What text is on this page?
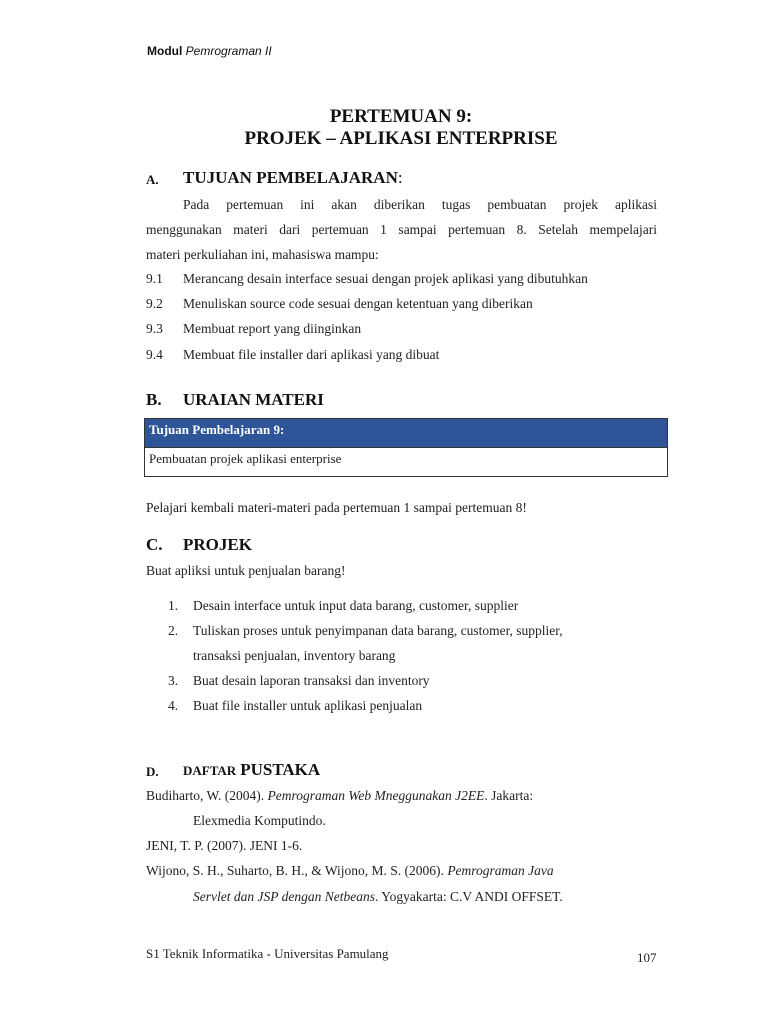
Modul Pemrograman II
PERTEMUAN 9:
PROJEK – APLIKASI ENTERPRISE
A. TUJUAN PEMBELAJARAN:
Pada pertemuan ini akan diberikan tugas pembuatan projek aplikasi
menggunakan materi dari pertemuan 1 sampai pertemuan 8. Setelah mempelajari
materi perkuliahan ini, mahasiswa mampu:
9.1 Merancang desain interface sesuai dengan projek aplikasi yang dibutuhkan
9.2 Menuliskan source code sesuai dengan ketentuan yang diberikan
9.3 Membuat report yang diinginkan
9.4 Membuat file installer dari aplikasi yang dibuat
B. URAIAN MATERI
Tujuan Pembelajaran 9:
Pembuatan projek aplikasi enterprise
Pelajari kembali materi-materi pada pertemuan 1 sampai pertemuan 8!
C. PROJEK
Buat apliksi untuk penjualan barang!
1. Desain interface untuk input data barang, customer, supplier
2. Tuliskan proses untuk penyimpanan data barang, customer, supplier,
transaksi penjualan, inventory barang
3. Buat desain laporan transaksi dan inventory
4. Buat file installer untuk aplikasi penjualan
D. DAFTAR PUSTAKA
Budiharto, W. (2004). Pemrograman Web Mneggunakan J2EE. Jakarta:
Elexmedia Komputindo.
JENI, T. P. (2007). JENI 1-6.
Wijono, S. H., Suharto, B. H., & Wijono, M. S. (2006). Pemrograman Java
Servlet dan JSP dengan Netbeans. Yogyakarta: C.V ANDI OFFSET.
S1 Teknik Informatika - Universitas Pamulang	107
